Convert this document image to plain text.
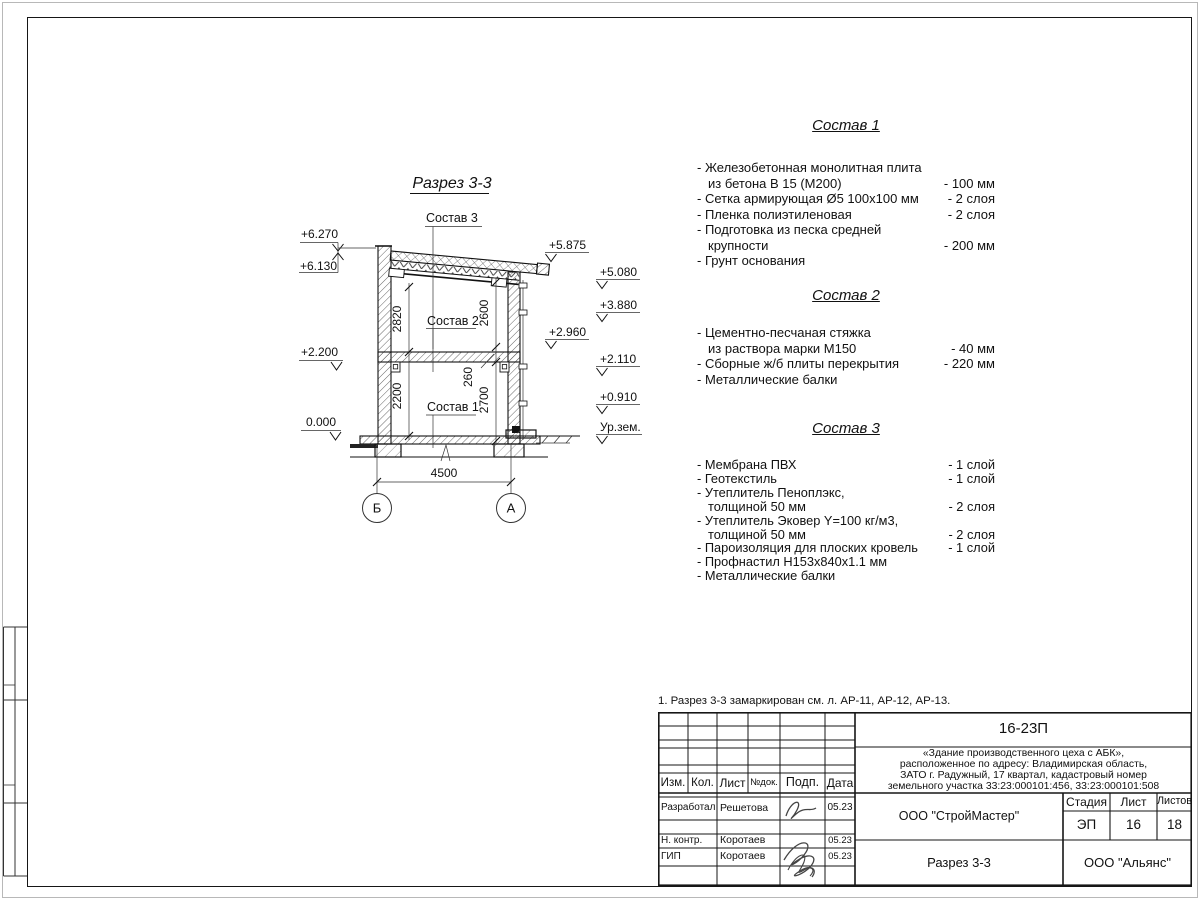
Разрез 3-3
Б	А
2820
2200
2600
2700
260
4500
+6.270
+6.130
+2.200
0.000
+5.875
+5.080
+3.880
+2.960
+2.110
+0.910
Ур.зем.
Состав 3
Состав 2
Состав 1
Состав 1
- Железобетонная монолитная плита
из бетона В 15 (М200)	- 100 мм
- Сетка армирующая Ø5 100х100 мм - 2 слоя
- Пленка полиэтиленовая	- 2 слоя
- Подготовка из песка средней
крупности	- 200 мм
- Грунт основания
Состав 2
- Цементно-песчаная стяжка
из раствора марки М150	- 40 мм
- Сборные ж/б плиты перекрытия	- 220 мм
- Металлические балки
Состав 3
- Мембрана ПВХ	- 1 слой
- Геотекстиль	- 1 слой
- Утеплитель Пеноплэкс,
толщиной 50 мм	- 2 слоя
- Утеплитель Эковер Y=100 кг/м3,
толщиной 50 мм	- 2 слоя
- Пароизоляция для плоских кровель - 1 слой
- Профнастил Н153х840х1.1 мм
- Металлические балки
1. Разрез 3-3 замаркирован см. л. АР-11, АР-12, АР-13.
Изм. Кол. Лист №док. Подп. Дата
Разработал Решетова	05.23
Н. контр.	Коротаев	05.23
ГИП	Коротаев	05.23
16-23П
«Здание производственного цеха с АБК»,
расположенное по адресу: Владимирская область,
ЗАТО г. Радужный, 17 квартал, кадастровый номер
земельного участка 33:23:000101:456, 33:23:000101:508
ООО "СтройМастер"
Стадия	Лист Листов
ЭП	16	18
Разрез 3-3	ООО "Альянс"
